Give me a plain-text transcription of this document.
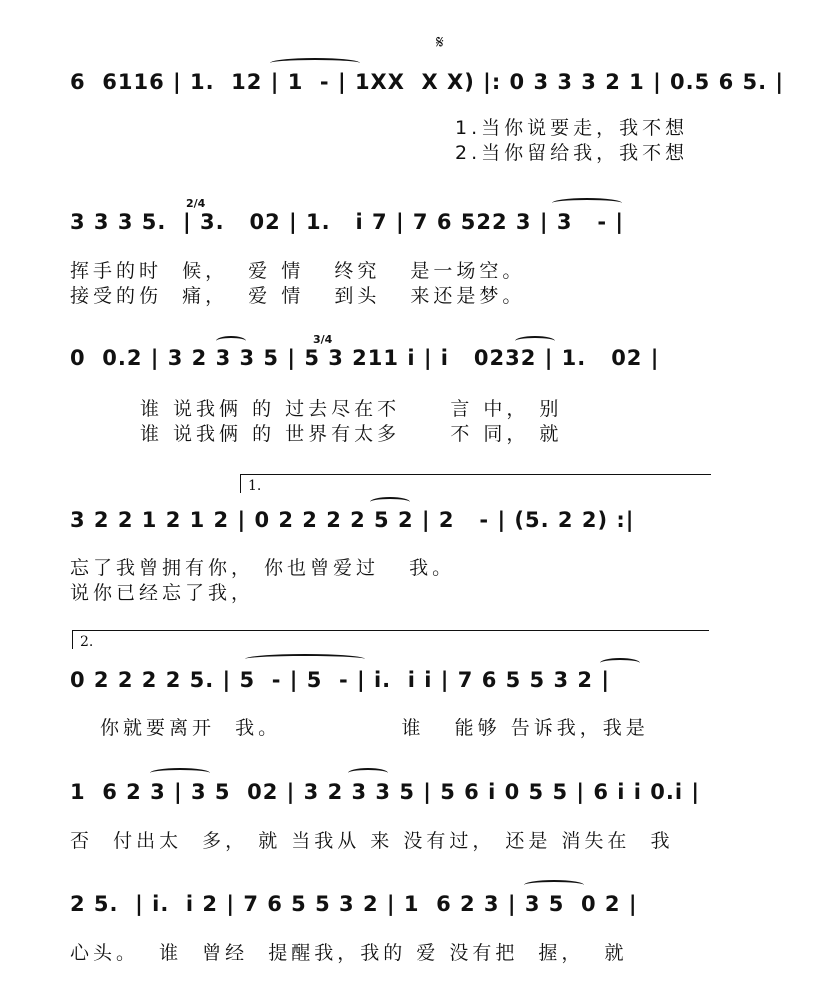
𝄋
6  6116 | 1.  12 | 1  - | 1XX  X X) |: 0 3 3 3 2 1 | 0.5 6 5. |
1.当你说要走，我不想
2.当你留给我，我不想
2/4
3 3 3 5.  | 3.   02 | 1.   i 7 | 7 6 522 3 | 3   - |
挥手的时  候，  爱 情   终究   是一场空。
接受的伤  痛，  爱 情   到头   来还是梦。
3/4
0  0.2 | 3 2 3 3 5 | 5 3 211 i | i   0232 | 1.   02 |
谁 说我俩 的 过去尽在不     言 中， 别
谁 说我俩 的 世界有太多     不 同， 就
1.
3 2 2 1 2 1 2 | 0 2 2 2 2 5 2 | 2   - | (5. 2 2) :|
忘了我曾拥有你， 你也曾爱过   我。
说你已经忘了我，
2.
0 2 2 2 2 5. | 5  - | 5  - | i.  i i | 7 6 5 5 3 2 |
你就要离开  我。            谁   能够 告诉我，我是
1  6 2 3 | 3 5  02 | 3 2 3 3 5 | 5 6 i 0 5 5 | 6 i i 0.i |
否  付出太  多， 就 当我从 来 没有过， 还是 消失在  我
2 5.  | i.  i 2 | 7 6 5 5 3 2 | 1  6 2 3 | 3 5  0 2 |
心头。  谁  曾经  提醒我，我的 爱 没有把  握，  就
